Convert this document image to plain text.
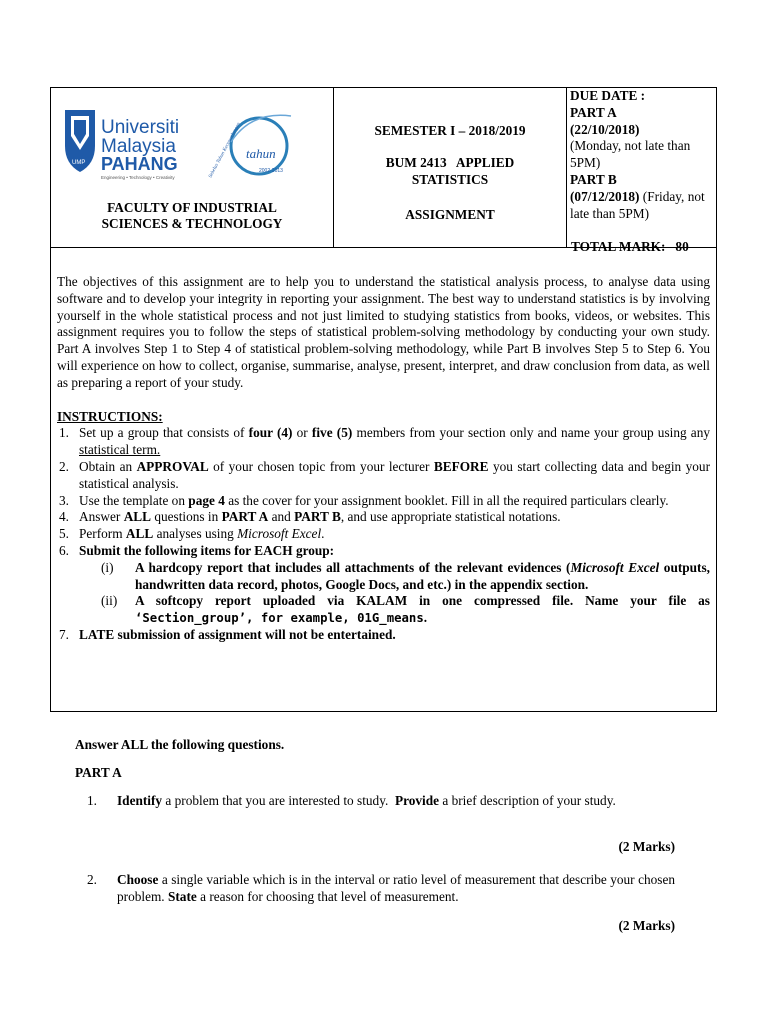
UMP
Universiti
Malaysia
PAHANG
Engineering • Technology • Creativity
tahun
2002-2013
Sebelas Tahun Kecemerlangan
FACULTY OF INDUSTRIAL
SCIENCES & TECHNOLOGY
SEMESTER I – 2018/2019
BUM 2413   APPLIED
STATISTICS
ASSIGNMENT

DUE DATE :

PART A

(22/10/2018)

(Monday, not late than 5PM)

PART B

(07/12/2018) (Friday, not late than 5PM)

TOTAL MARK:   80

The objectives of this assignment are to help you to understand the statistical analysis process, to analyse data using software and to develop your integrity in reporting your assignment. The best way to understand statistics is by involving yourself in the whole statistical process and not just limited to studying statistics from books, videos, or websites. This assignment requires you to follow the steps of statistical problem-solving methodology by conducting your own study. Part A involves Step 1 to Step 4 of statistical problem-solving methodology, while Part B involves Step 5 to Step 6. You will experience on how to collect, organise, summarise, analyse, present, interpret, and draw conclusion from data, as well as preparing a report of your study.

INSTRUCTIONS:

1. Set up a group that consists of four (4) or five (5) members from your section only and name your group using any statistical term.
2. Obtain an APPROVAL of your chosen topic from your lecturer BEFORE you start collecting data and begin your statistical analysis.
3. Use the template on page 4 as the cover for your assignment booklet. Fill in all the required particulars clearly.
4. Answer ALL questions in PART A and PART B, and use appropriate statistical notations.
5. Perform ALL analyses using Microsoft Excel.
6. Submit the following items for EACH group:
(i) A hardcopy report that includes all attachments of the relevant evidences (Microsoft Excel outputs, handwritten data record, photos, Google Docs, and etc.) in the appendix section.
(ii) A softcopy report uploaded via KALAM in one compressed file. Name your file as ‘Section_group’, for example, 01G_means.
7. LATE submission of assignment will not be entertained.
Answer ALL the following questions.
PART A
1. Identify a problem that you are interested to study.  Provide a brief description of your study.
(2 Marks)
2. Choose a single variable which is in the interval or ratio level of measurement that describe your chosen problem. State a reason for choosing that level of measurement.
(2 Marks)
